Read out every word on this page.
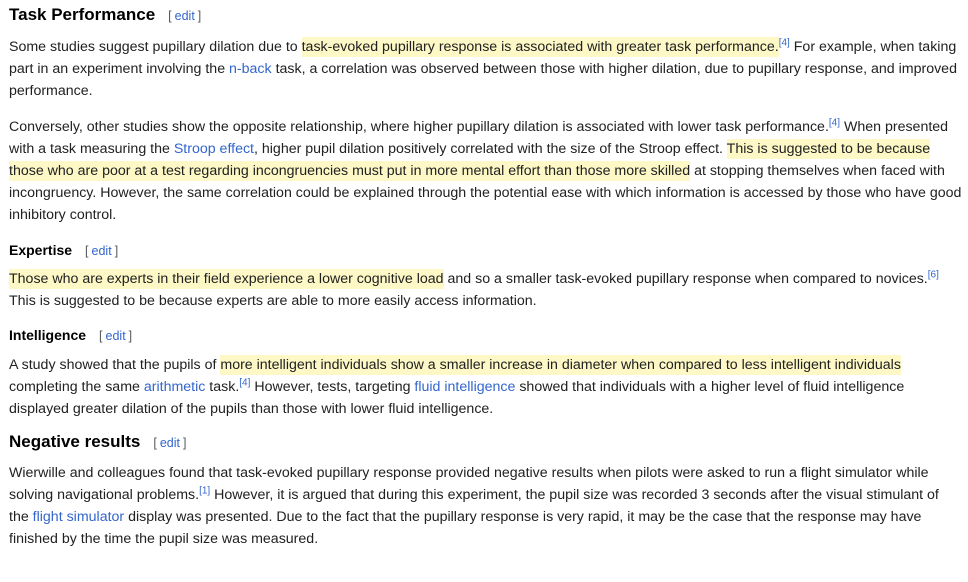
Task Performance [ edit ]

Some studies suggest pupillary dilation due to task-evoked pupillary response is associated with greater task performance.[4] For example, when taking part in an experiment involving the n-back task, a correlation was observed between those with higher dilation, due to pupillary response, and improved performance.

Conversely, other studies show the opposite relationship, where higher pupillary dilation is associated with lower task performance.[4] When presented with a task measuring the Stroop effect, higher pupil dilation positively correlated with the size of the Stroop effect. This is suggested to be because those who are poor at a test regarding incongruencies must put in more mental effort than those more skilled at stopping themselves when faced with incongruency. However, the same correlation could be explained through the potential ease with which information is accessed by those who have good inhibitory control.

Expertise [ edit ]

Those who are experts in their field experience a lower cognitive load and so a smaller task-evoked pupillary response when compared to novices.[6] This is suggested to be because experts are able to more easily access information.

Intelligence [ edit ]

A study showed that the pupils of more intelligent individuals show a smaller increase in diameter when compared to less intelligent individuals completing the same arithmetic task.[4] However, tests, targeting fluid intelligence showed that individuals with a higher level of fluid intelligence displayed greater dilation of the pupils than those with lower fluid intelligence.

Negative results [ edit ]

Wierwille and colleagues found that task-evoked pupillary response provided negative results when pilots were asked to run a flight simulator while solving navigational problems.[1] However, it is argued that during this experiment, the pupil size was recorded 3 seconds after the visual stimulant of the flight simulator display was presented. Due to the fact that the pupillary response is very rapid, it may be the case that the response may have finished by the time the pupil size was measured.
